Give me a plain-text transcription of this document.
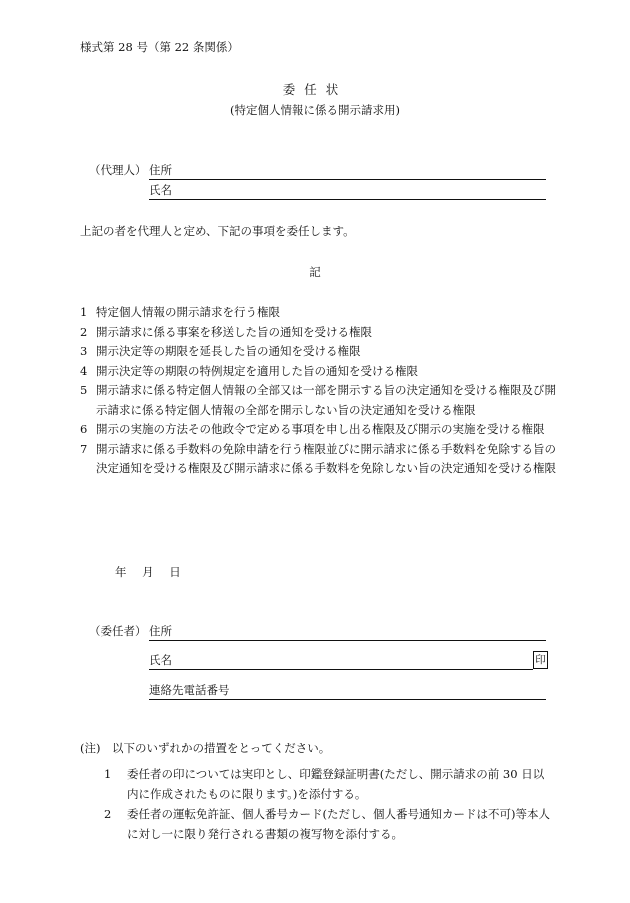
様式第 28 号（第 22 条関係）
委任状
(特定個人情報に係る開示請求用)
（代理人） 住所
氏名
上記の者を代理人と定め、下記の事項を委任します。
記
1 特定個人情報の開示請求を行う権限
2 開示請求に係る事案を移送した旨の通知を受ける権限
3 開示決定等の期限を延長した旨の通知を受ける権限
4 開示決定等の期限の特例規定を適用した旨の通知を受ける権限
5 開示請求に係る特定個人情報の全部又は一部を開示する旨の決定通知を受ける権限及び開示請求に係る特定個人情報の全部を開示しない旨の決定通知を受ける権限
6 開示の実施の方法その他政令で定める事項を申し出る権限及び開示の実施を受ける権限
7 開示請求に係る手数料の免除申請を行う権限並びに開示請求に係る手数料を免除する旨の決定通知を受ける権限及び開示請求に係る手数料を免除しない旨の決定通知を受ける権限
年 月 日
（委任者） 住所
氏名	印
連絡先電話番号
(注)　以下のいずれかの措置をとってください。
1	委任者の印については実印とし、印鑑登録証明書(ただし、開示請求の前 30 日以内に作成されたものに限ります。)を添付する。
2	委任者の運転免許証、個人番号カード(ただし、個人番号通知カードは不可)等本人に対し一に限り発行される書類の複写物を添付する。
